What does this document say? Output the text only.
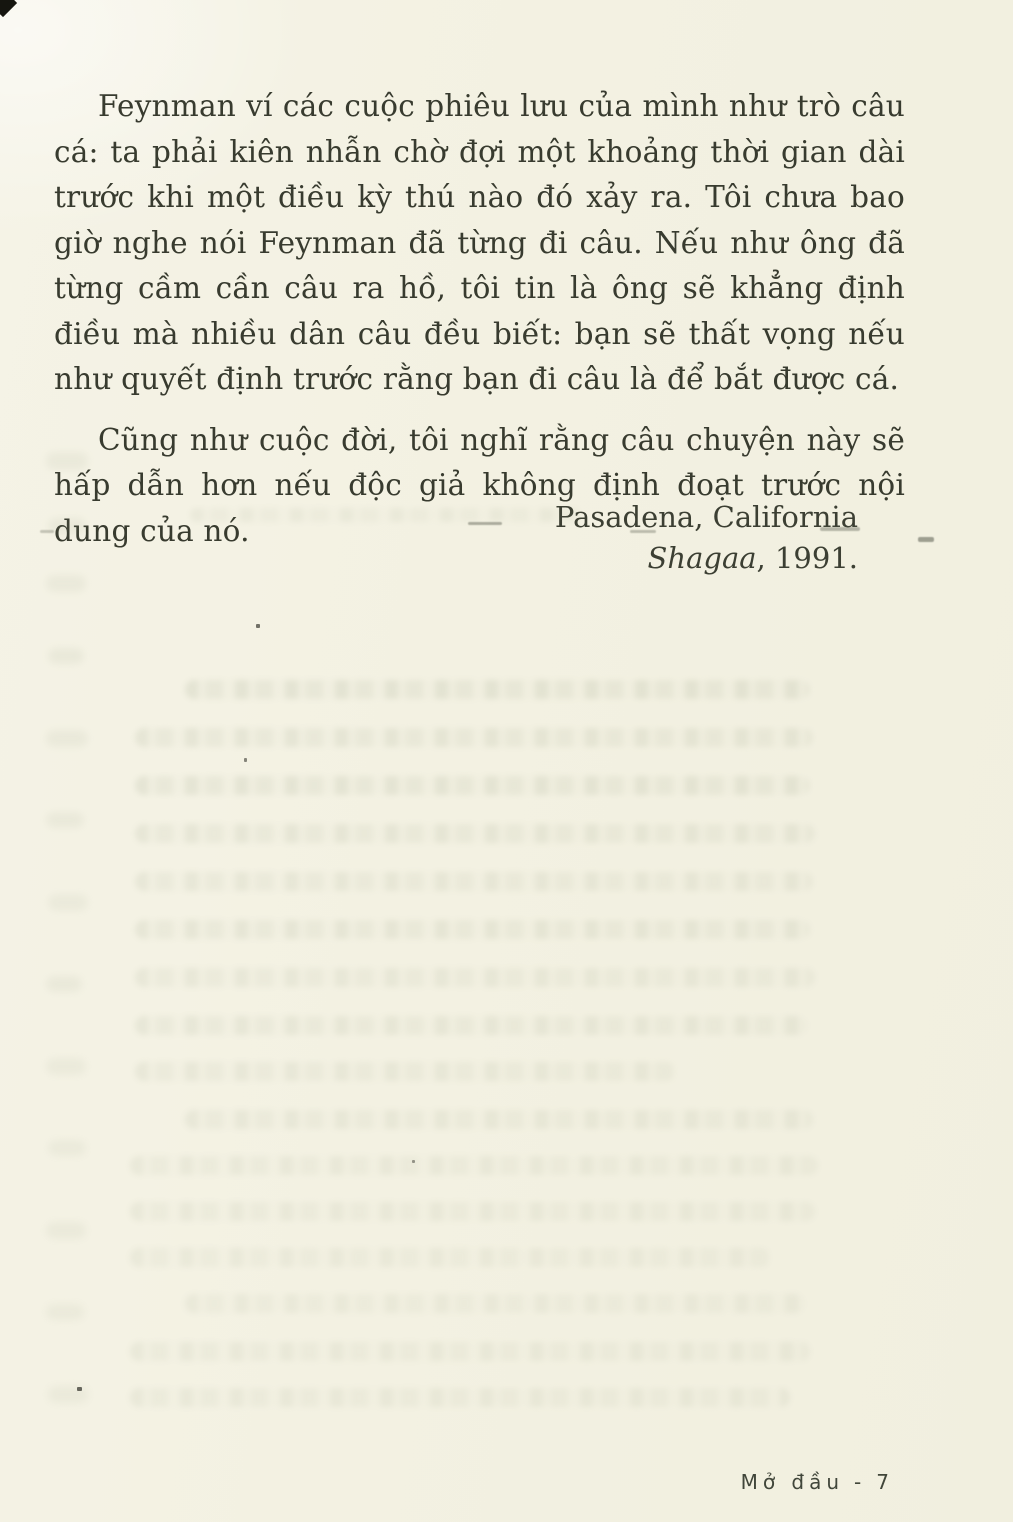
Feynman ví các cuộc phiêu lưu của mình như trò câu cá: ta phải kiên nhẫn chờ đợi một khoảng thời gian dài trước khi một điều kỳ thú nào đó xảy ra. Tôi chưa bao giờ nghe nói Feynman đã từng đi câu. Nếu như ông đã từng cầm cần câu ra hồ, tôi tin là ông sẽ khẳng định điều mà nhiều dân câu đều biết: bạn sẽ thất vọng nếu như quyết định trước rằng bạn đi câu là để bắt được cá.

Cũng như cuộc đời, tôi nghĩ rằng câu chuyện này sẽ hấp dẫn hơn nếu độc giả không định đoạt trước nội dung của nó.	Pasadena, California
Shagaa, 1991.
Mở đầu - 7
